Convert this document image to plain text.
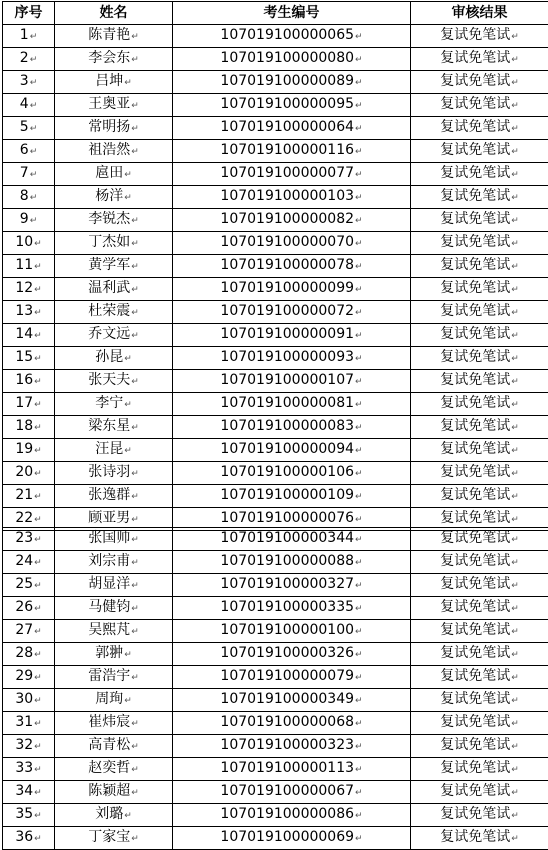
序号	姓名	考生编号	审核结果
1↵	陈青艳↵	107019100000065↵	复试免笔试↵
2↵	李会东↵	107019100000080↵	复试免笔试↵
3↵	吕坤↵	107019100000089↵	复试免笔试↵
4↵	王奥亚↵	107019100000095↵	复试免笔试↵
5↵	常明扬↵	107019100000064↵	复试免笔试↵
6↵	祖浩然↵	107019100000116↵	复试免笔试↵
7↵	扈田↵	107019100000077↵	复试免笔试↵
8↵	杨洋↵	107019100000103↵	复试免笔试↵
9↵	李锐杰↵	107019100000082↵	复试免笔试↵
10↵	丁杰如↵	107019100000070↵	复试免笔试↵
11↵	黄学军↵	107019100000078↵	复试免笔试↵
12↵	温利武↵	107019100000099↵	复试免笔试↵
13↵	杜荣震↵	107019100000072↵	复试免笔试↵
14↵	乔文远↵	107019100000091↵	复试免笔试↵
15↵	孙昆↵	107019100000093↵	复试免笔试↵
16↵	张天夫↵	107019100000107↵	复试免笔试↵
17↵	李宁↵	107019100000081↵	复试免笔试↵
18↵	梁东星↵	107019100000083↵	复试免笔试↵
19↵	汪昆↵	107019100000094↵	复试免笔试↵
20↵	张诗羽↵	107019100000106↵	复试免笔试↵
21↵	张逸群↵	107019100000109↵	复试免笔试↵
22↵	顾亚男↵	107019100000076↵	复试免笔试↵
23↵	张国帅↵	107019100000344↵	复试免笔试↵
24↵	刘宗甫↵	107019100000088↵	复试免笔试↵
25↵	胡显洋↵	107019100000327↵	复试免笔试↵
26↵	马健钧↵	107019100000335↵	复试免笔试↵
27↵	吴熙芃↵	107019100000100↵	复试免笔试↵
28↵	郭翀↵	107019100000326↵	复试免笔试↵
29↵	雷浩宇↵	107019100000079↵	复试免笔试↵
30↵	周珣↵	107019100000349↵	复试免笔试↵
31↵	崔炜宸↵	107019100000068↵	复试免笔试↵
32↵	高青松↵	107019100000323↵	复试免笔试↵
33↵	赵奕哲↵	107019100000113↵	复试免笔试↵
34↵	陈颖超↵	107019100000067↵	复试免笔试↵
35↵	刘璐↵	107019100000086↵	复试免笔试↵
36↵	丁家宝↵	107019100000069↵	复试免笔试↵
